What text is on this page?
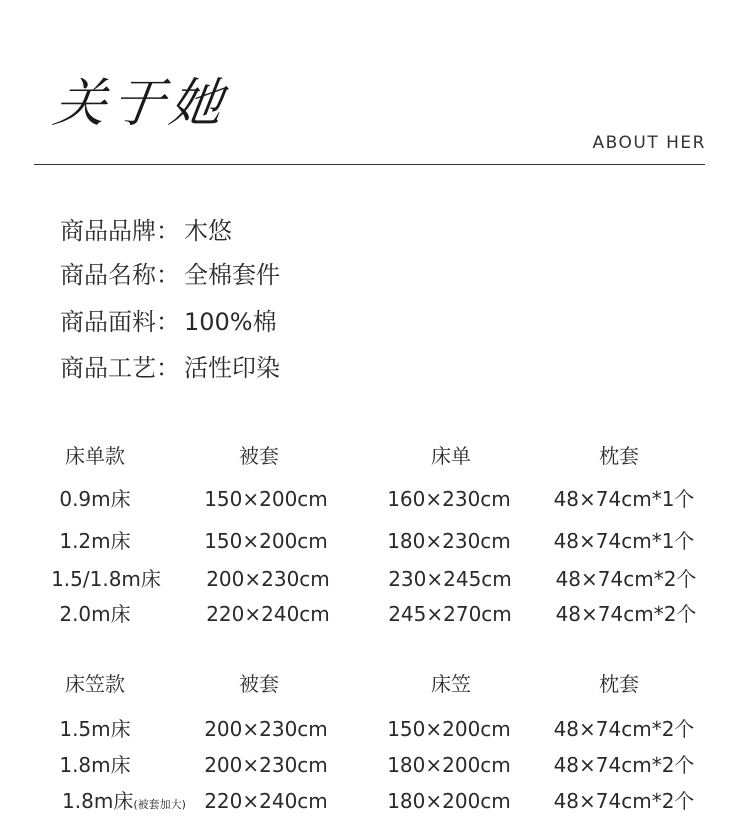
关于她
ABOUT HER
商品品牌： 木悠
商品名称： 全棉套件
商品面料： 100%棉
商品工艺： 活性印染
床单款	被套	床单	枕套
0.9m床	150×200cm	160×230cm 48×74cm*1个
1.2m床	150×200cm	180×230cm 48×74cm*1个
1.5/1.8m床 200×230cm	230×245cm 48×74cm*2个
2.0m床	220×240cm	245×270cm 48×74cm*2个
床笠款	被套	床笠	枕套
1.5m床	200×230cm	150×200cm 48×74cm*2个
1.8m床	200×230cm	180×200cm 48×74cm*2个
1.8m床(被套加大) 220×240cm	180×200cm 48×74cm*2个
